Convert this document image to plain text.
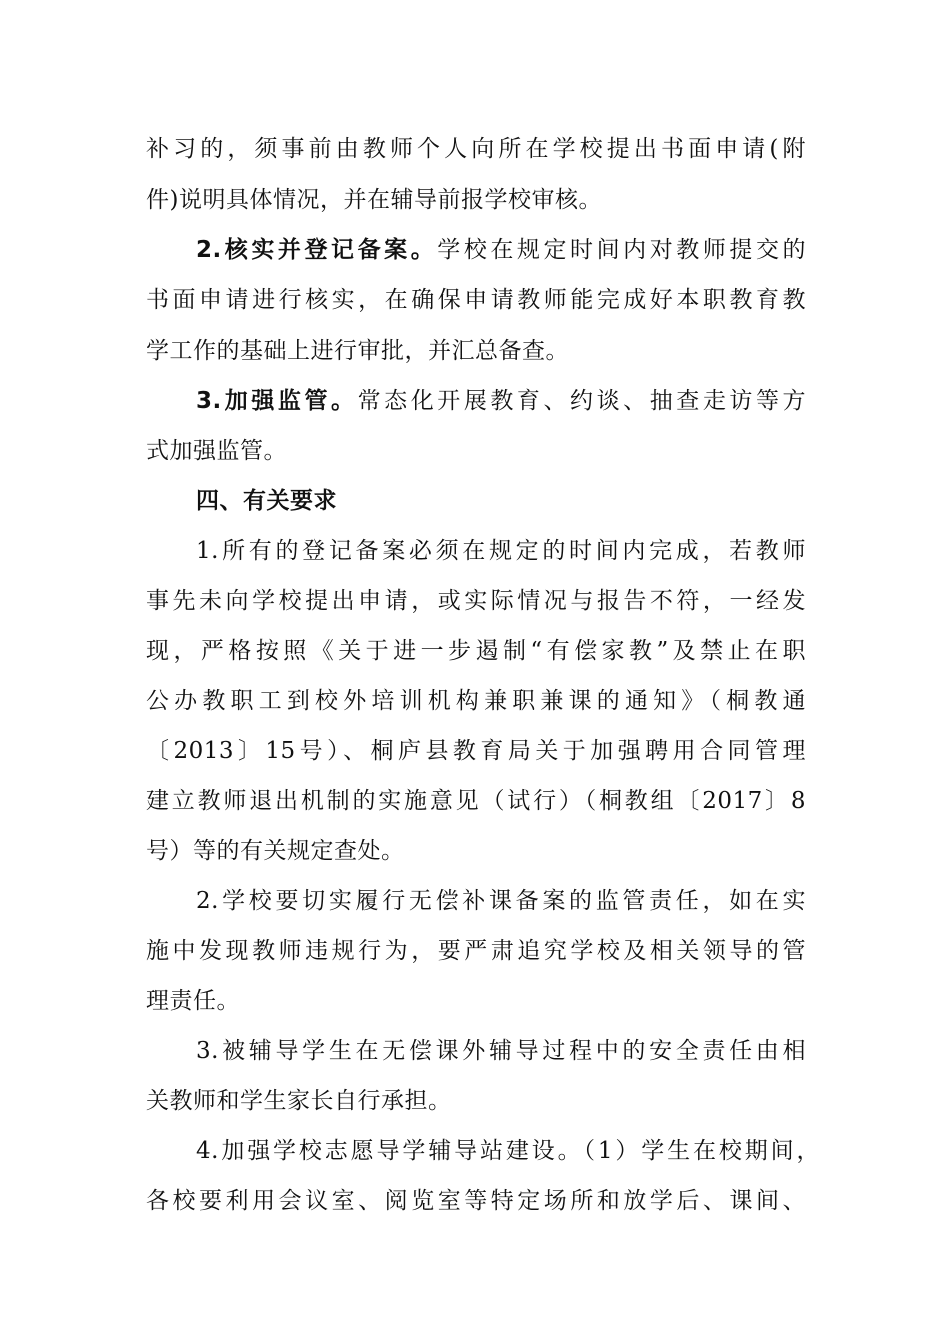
补习的，须事前由教师个人向所在学校提出书面申请(附
件)说明具体情况，并在辅导前报学校审核。
2.核实并登记备案。学校在规定时间内对教师提交的
书面申请进行核实，在确保申请教师能完成好本职教育教
学工作的基础上进行审批，并汇总备查。
3.加强监管。常态化开展教育、约谈、抽查走访等方
式加强监管。
四、有关要求
1.所有的登记备案必须在规定的时间内完成，若教师
事先未向学校提出申请，或实际情况与报告不符，一经发
现，严格按照《关于进一步遏制“有偿家教”及禁止在职
公办教职工到校外培训机构兼职兼课的通知》（桐教通
〔2013〕15号）、桐庐县教育局关于加强聘用合同管理
建立教师退出机制的实施意见（试行）（桐教组〔2017〕8
号）等的有关规定查处。
2.学校要切实履行无偿补课备案的监管责任，如在实
施中发现教师违规行为，要严肃追究学校及相关领导的管
理责任。
3.被辅导学生在无偿课外辅导过程中的安全责任由相
关教师和学生家长自行承担。
4.加强学校志愿导学辅导站建设。（1）学生在校期间，
各校要利用会议室、阅览室等特定场所和放学后、课间、
